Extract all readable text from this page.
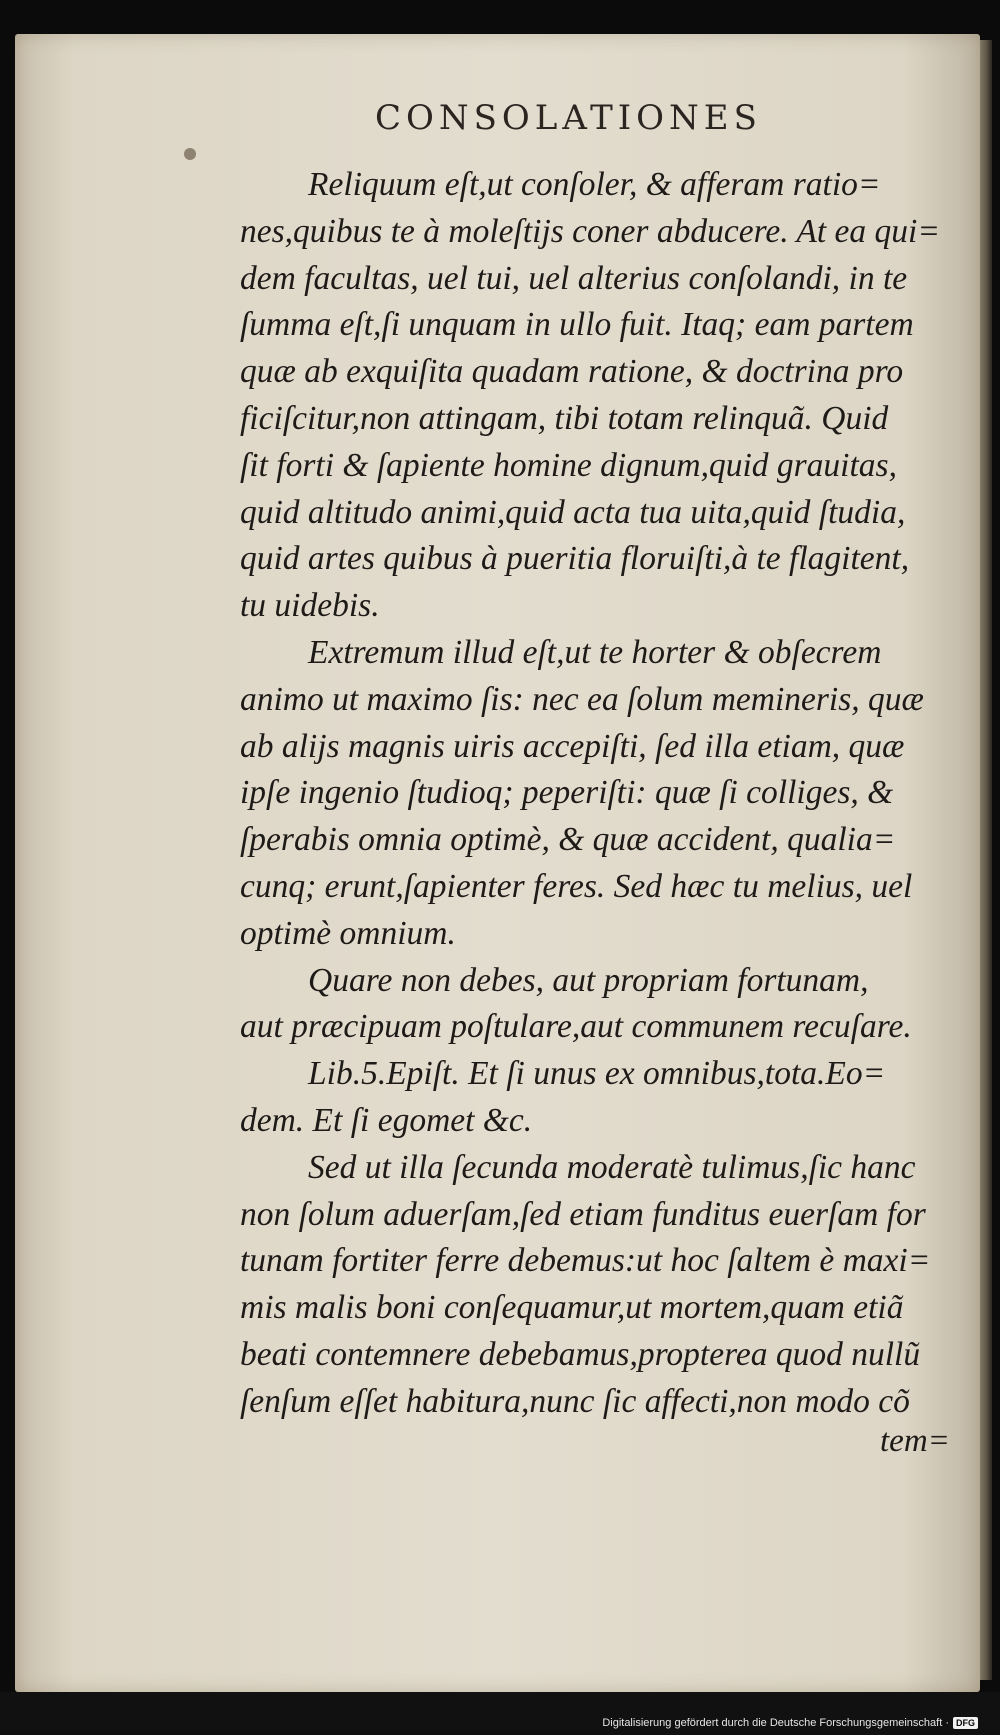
CONSOLATIONES
Reliquum eſt,ut conſoler, & afferam ratio=
nes,quibus te à moleſtijs coner abducere. At ea qui=
dem facultas, uel tui, uel alterius conſolandi, in te
ſumma eſt,ſi unquam in ullo fuit. Itaq; eam partem
quæ ab exquiſita quadam ratione, & doctrina pro
ficiſcitur,non attingam, tibi totam relinquã. Quid
ſit forti & ſapiente homine dignum,quid grauitas,
quid altitudo animi,quid acta tua uita,quid ſtudia,
quid artes quibus à pueritia floruiſti,à te flagitent,
tu uidebis.
Extremum illud eſt,ut te horter & obſecrem
animo ut maximo ſis: nec ea ſolum memineris, quæ
ab alijs magnis uiris accepiſti, ſed illa etiam, quæ
ipſe ingenio ſtudioq; peperiſti: quæ ſi colliges, &
ſperabis omnia optimè, & quæ accident, qualia=
cunq; erunt,ſapienter feres. Sed hæc tu melius, uel
optimè omnium.
Quare non debes, aut propriam fortunam,
aut præcipuam poſtulare,aut communem recuſare.
Lib.5.Epiſt. Et ſi unus ex omnibus,tota.Eo=
dem. Et ſi egomet &c.
Sed ut illa ſecunda moderatè tulimus,ſic hanc
non ſolum aduerſam,ſed etiam funditus euerſam for
tunam fortiter ferre debemus:ut hoc ſaltem è maxi=
mis malis boni conſequamur,ut mortem,quam etiã
beati contemnere debebamus,propterea quod nullũ
ſenſum eſſet habitura,nunc ſic affecti,non modo cõ
tem=
Digitalisierung gefördert durch die Deutsche Forschungsgemeinschaft · DFG
